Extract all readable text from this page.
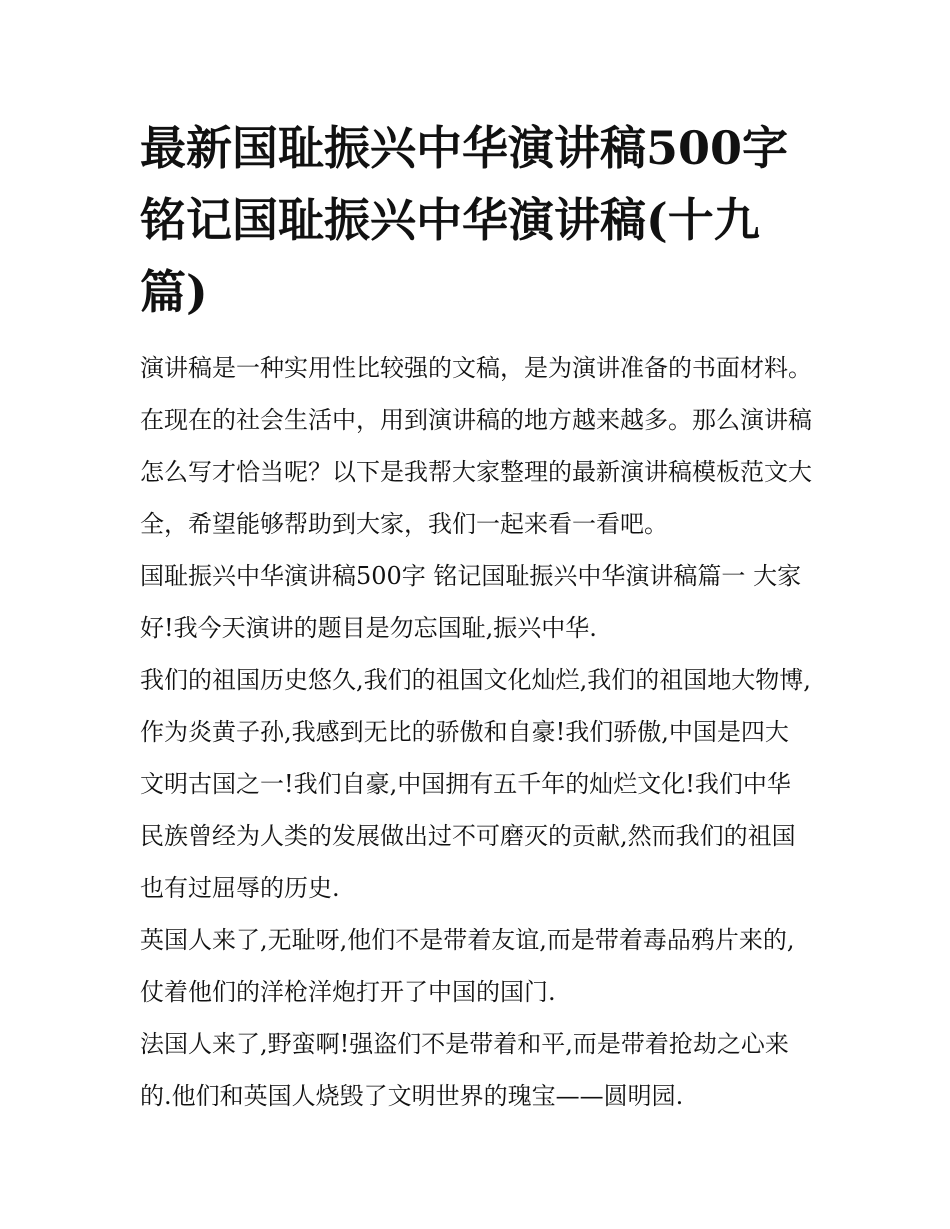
最新国耻振兴中华演讲稿500字 铭记国耻振兴中华演讲稿(十九篇)

演讲稿是一种实用性比较强的文稿，是为演讲准备的书面材料。在现在的社会生活中，用到演讲稿的地方越来越多。那么演讲稿怎么写才恰当呢？以下是我帮大家整理的最新演讲稿模板范文大全，希望能够帮助到大家，我们一起来看一看吧。

国耻振兴中华演讲稿500字 铭记国耻振兴中华演讲稿篇一 大家好!我今天演讲的题目是勿忘国耻,振兴中华.

我们的祖国历史悠久,我们的祖国文化灿烂,我们的祖国地大物博,作为炎黄子孙,我感到无比的骄傲和自豪!我们骄傲,中国是四大文明古国之一!我们自豪,中国拥有五千年的灿烂文化!我们中华民族曾经为人类的发展做出过不可磨灭的贡献,然而我们的祖国也有过屈辱的历史.

英国人来了,无耻呀,他们不是带着友谊,而是带着毒品鸦片来的,仗着他们的洋枪洋炮打开了中国的国门.

法国人来了,野蛮啊!强盗们不是带着和平,而是带着抢劫之心来的.他们和英国人烧毁了文明世界的瑰宝——圆明园.
